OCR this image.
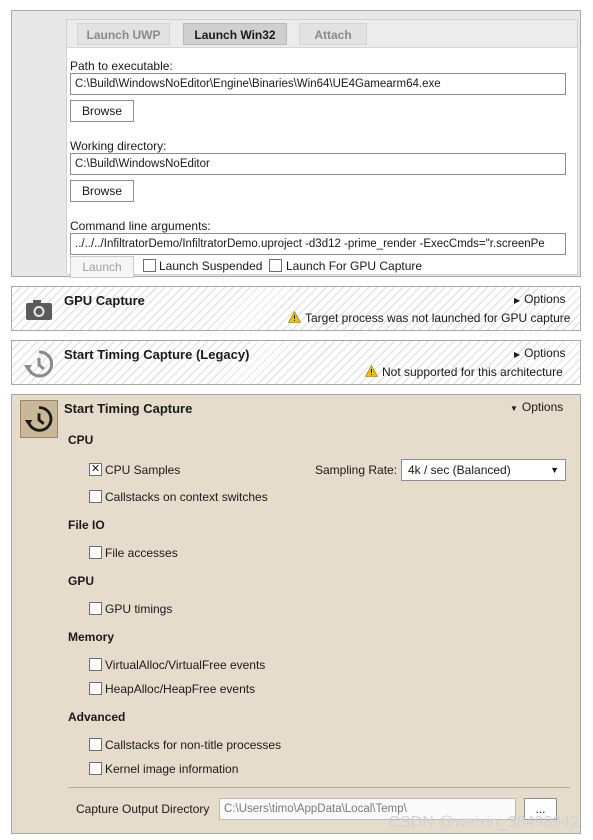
Launch UWP	Launch Win32	Attach
Path to executable:
C:\Build\WindowsNoEditor\Engine\Binaries\Win64\UE4Gamearm64.exe
Browse
Working directory:
C:\Build\WindowsNoEditor
Browse
Command line arguments:
../../../InfiltratorDemo/InfiltratorDemo.uproject -d3d12 -prime_render -ExecCmds="r.screenPe
Launch	Launch Suspended Launch For GPU Capture
GPU Capture	▶ Options
Target process was not launched for GPU capture
Start Timing Capture (Legacy)	▶ Options
Not supported for this architecture
Start Timing Capture	▼ Options
CPU
✕ CPU Samples	Sampling Rate: 4k / sec (Balanced)	▼
Callstacks on context switches
File IO
File accesses
GPU
GPU timings
Memory
VirtualAlloc/VirtualFree events
HeapAlloc/HeapFree events
Advanced
Callstacks for non-title processes
Kernel image information
Capture Output Directory	C:\Users\timo\AppData\Local\Temp\	...
CSDN @weixin_38498942
